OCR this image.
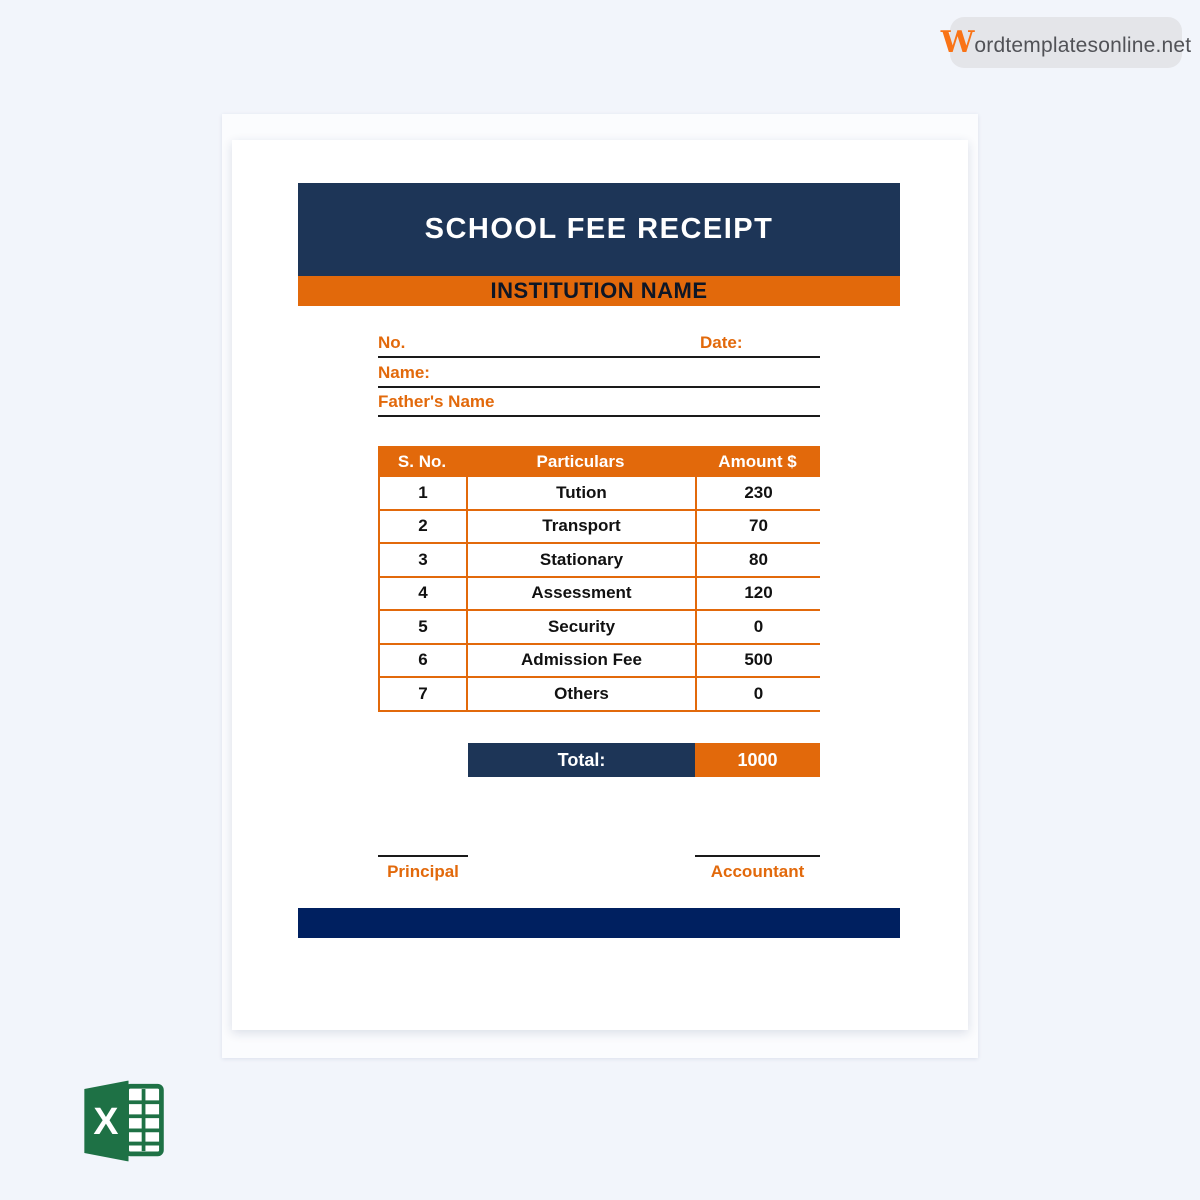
W ordtemplatesonline.net
SCHOOL FEE RECEIPT
INSTITUTION NAME
No.	Date:
Name:
Father's Name
S. No.	Particulars	Amount $
1	Tution	230
2	Transport	70
3	Stationary	80
4	Assessment	120
5	Security	0
6	Admission Fee	500
7	Others	0
Total:	1000
Principal	Accountant
X
